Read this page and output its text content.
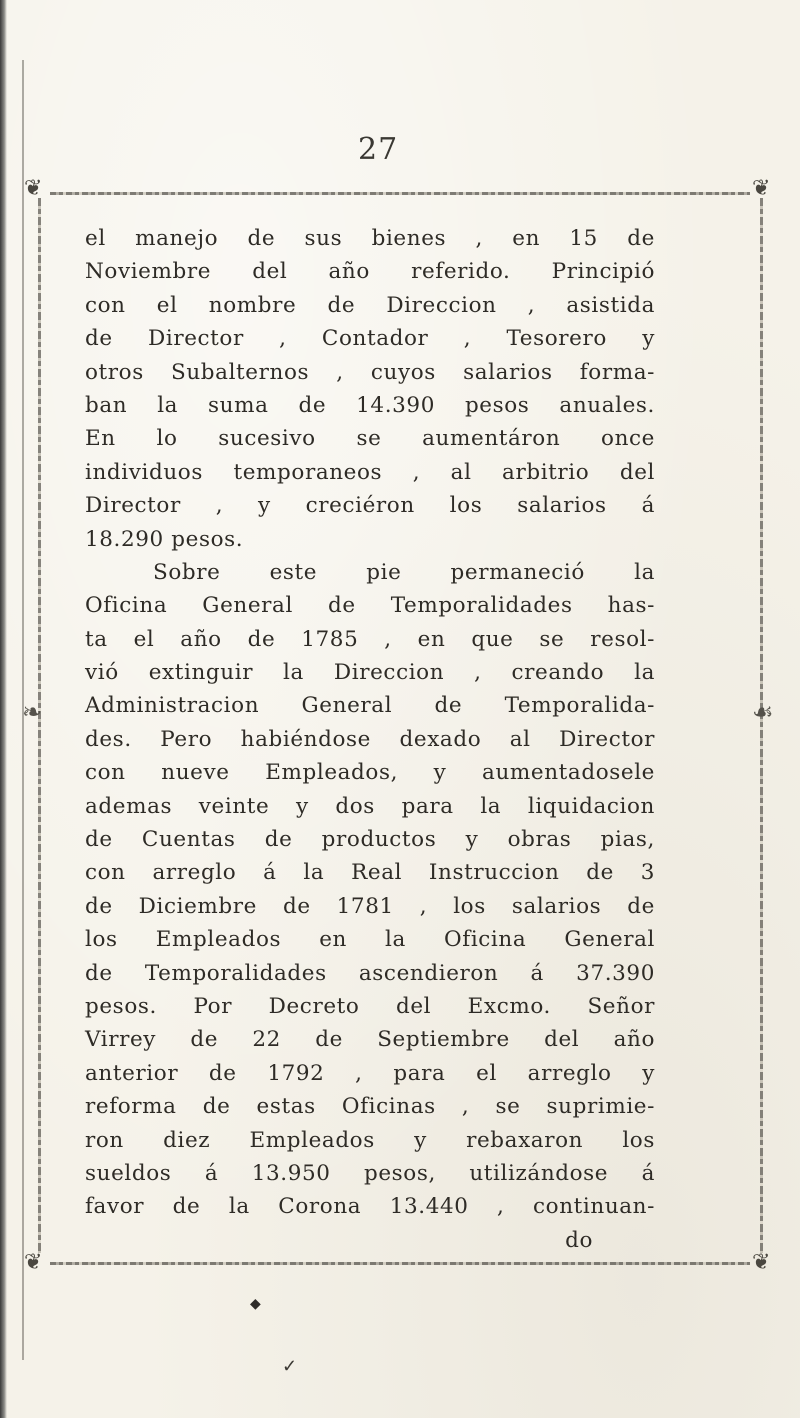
27
❦	❦
❦	❦
❧	☙
el manejo de sus bienes , en 15 de
Noviembre del año referido. Principió
con el nombre de Direccion , asistida
de Director , Contador , Tesorero y
otros Subalternos , cuyos salarios forma-
ban la suma de 14.390 pesos anuales.
En lo sucesivo se aumentáron once
individuos temporaneos , al arbitrio del
Director , y creciéron los salarios á
18.290 pesos.
Sobre este pie permaneció la
Oficina General de Temporalidades has-
ta el año de 1785 , en que se resol-
vió extinguir la Direccion , creando la
Administracion General de Temporalida-
des. Pero habiéndose dexado al Director
con nueve Empleados, y aumentadosele
ademas veinte y dos para la liquidacion
de Cuentas de productos y obras pias,
con arreglo á la Real Instruccion de 3
de Diciembre de 1781 , los salarios de
los Empleados en la Oficina General
de Temporalidades ascendieron á 37.390
pesos. Por Decreto del Excmo. Señor
Virrey de 22 de Septiembre del año
anterior de 1792 , para el arreglo y
reforma de estas Oficinas , se suprimie-
ron diez Empleados y rebaxaron los
sueldos á 13.950 pesos, utilizándose á
favor de la Corona 13.440 , continuan-
do
◆
✓
